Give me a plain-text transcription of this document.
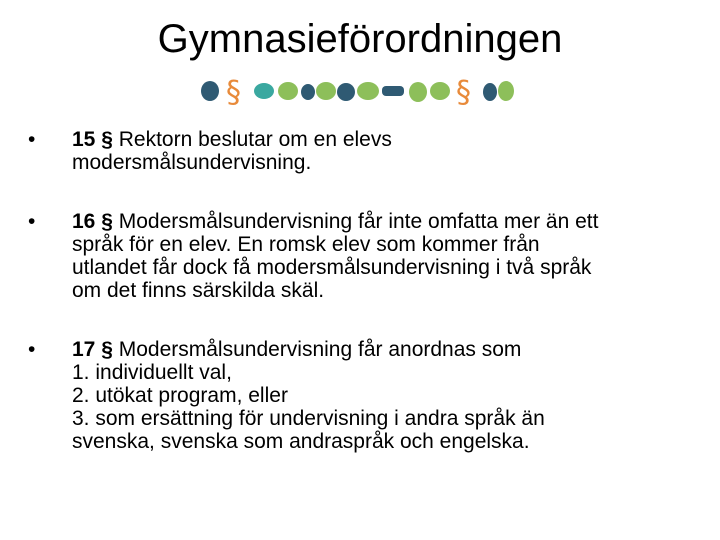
Gymnasieförordningen
§	§
•	15 § Rektorn beslutar om en elevs
modersmålsundervisning.
•	16 § Modersmålsundervisning får inte omfatta mer än ett
språk för en elev. En romsk elev som kommer från
utlandet får dock få modersmålsundervisning i två språk
om det finns särskilda skäl.
•	17 § Modersmålsundervisning får anordnas som
1. individuellt val,
2. utökat program, eller
3. som ersättning för undervisning i andra språk än
svenska, svenska som andraspråk och engelska.
